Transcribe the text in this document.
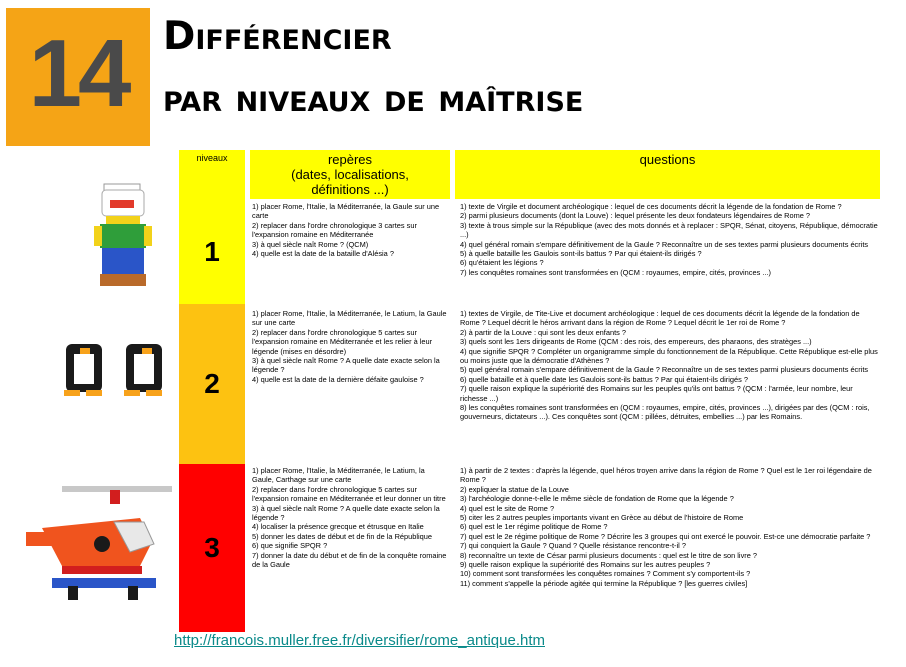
14 Différencier
par niveaux de maîtrise
niveaux	repères
(dates, localisations,
définitions ...)
questions
1
2
3
1) placer Rome, l'Italie, la Méditerranée, la Gaule sur une carte
2) replacer dans l'ordre chronologique 3 cartes sur l'expansion romaine en Méditerranée
3) à quel siècle naît Rome ? (QCM)
4) quelle est la date de la bataille d'Alésia ?
1) texte de Virgile et document archéologique : lequel de ces documents décrit la légende de la fondation de Rome ?
2) parmi plusieurs documents (dont la Louve) : lequel présente les deux fondateurs légendaires de Rome ?
3) texte à trous simple sur la République (avec des mots donnés et à replacer : SPQR, Sénat, citoyens, République, démocratie ...)
4) quel général romain s'empare définitivement de la Gaule ? Reconnaître un de ses textes parmi plusieurs documents écrits
5) à quelle bataille les Gaulois sont-ils battus ? Par qui étaient-ils dirigés ?
6) qu'étaient les légions ?
7) les conquêtes romaines sont transformées en (QCM : royaumes, empire, cités, provinces ...)
1) placer Rome, l'Italie, la Méditerranée, le Latium, la Gaule sur une carte
2) replacer dans l'ordre chronologique 5 cartes sur l'expansion romaine en Méditerranée et les relier à leur légende (mises en désordre)
3) à quel siècle naît Rome ? A quelle date exacte selon la légende ?
4) quelle est la date de la dernière défaite gauloise ?
1) textes de Virgile, de Tite-Live et document archéologique : lequel de ces documents décrit la légende de la fondation de Rome ? Lequel décrit le héros arrivant dans la région de Rome ? Lequel décrit le 1er roi de Rome ?
2) à partir de la Louve : qui sont les deux enfants ?
3) quels sont les 1ers dirigeants de Rome (QCM : des rois, des empereurs, des pharaons, des stratèges ...)
4) que signifie SPQR ? Compléter un organigramme simple du fonctionnement de la République. Cette République est-elle plus ou moins juste que la démocratie d'Athènes ?
5) quel général romain s'empare définitivement de la Gaule ? Reconnaître un de ses textes parmi plusieurs documents écrits
6) quelle bataille et à quelle date les Gaulois sont-ils battus ? Par qui étaient-ils dirigés ?
7) quelle raison explique la supériorité des Romains sur les peuples qu'ils ont battus ? (QCM : l'armée, leur nombre, leur richesse ...)
8) les conquêtes romaines sont transformées en (QCM : royaumes, empire, cités, provinces ...), dirigées par des (QCM : rois, gouverneurs, dictateurs ...). Ces conquêtes sont (QCM : pillées, détruites, embellies ...) par les Romains.
1) placer Rome, l'Italie, la Méditerranée, le Latium, la Gaule, Carthage sur une carte
2) replacer dans l'ordre chronologique 5 cartes sur l'expansion romaine en Méditerranée et leur donner un titre
3) à quel siècle naît Rome ? A quelle date exacte selon la légende ?
4) localiser la présence grecque et étrusque en Italie
5) donner les dates de début et de fin de la République
6) que signifie SPQR ?
7) donner la date du début et de fin de la conquête romaine de la Gaule
1) à partir de 2 textes : d'après la légende, quel héros troyen arrive dans la région de Rome ? Quel est le 1er roi légendaire de Rome ?
2) expliquer la statue de la Louve
3) l'archéologie donne-t-elle le même siècle de fondation de Rome que la légende ?
4) quel est le site de Rome ?
5) citer les 2 autres peuples importants vivant en Grèce au début de l'histoire de Rome
6) quel est le 1er régime politique de Rome ?
7) quel est le 2e régime politique de Rome ? Décrire les 3 groupes qui ont exercé le pouvoir. Est-ce une démocratie parfaite ?
7) qui conquiert la Gaule ? Quand ? Quelle résistance rencontre-t-il ?
8) reconnaître un texte de César parmi plusieurs documents : quel est le titre de son livre ?
9) quelle raison explique la supériorité des Romains sur les autres peuples ?
10) comment sont transformées les conquêtes romaines ? Comment s'y comportent-ils ?
11) comment s'appelle la période agitée qui termine la République ? [les guerres civiles]
http://francois.muller.free.fr/diversifier/rome_antique.htm
